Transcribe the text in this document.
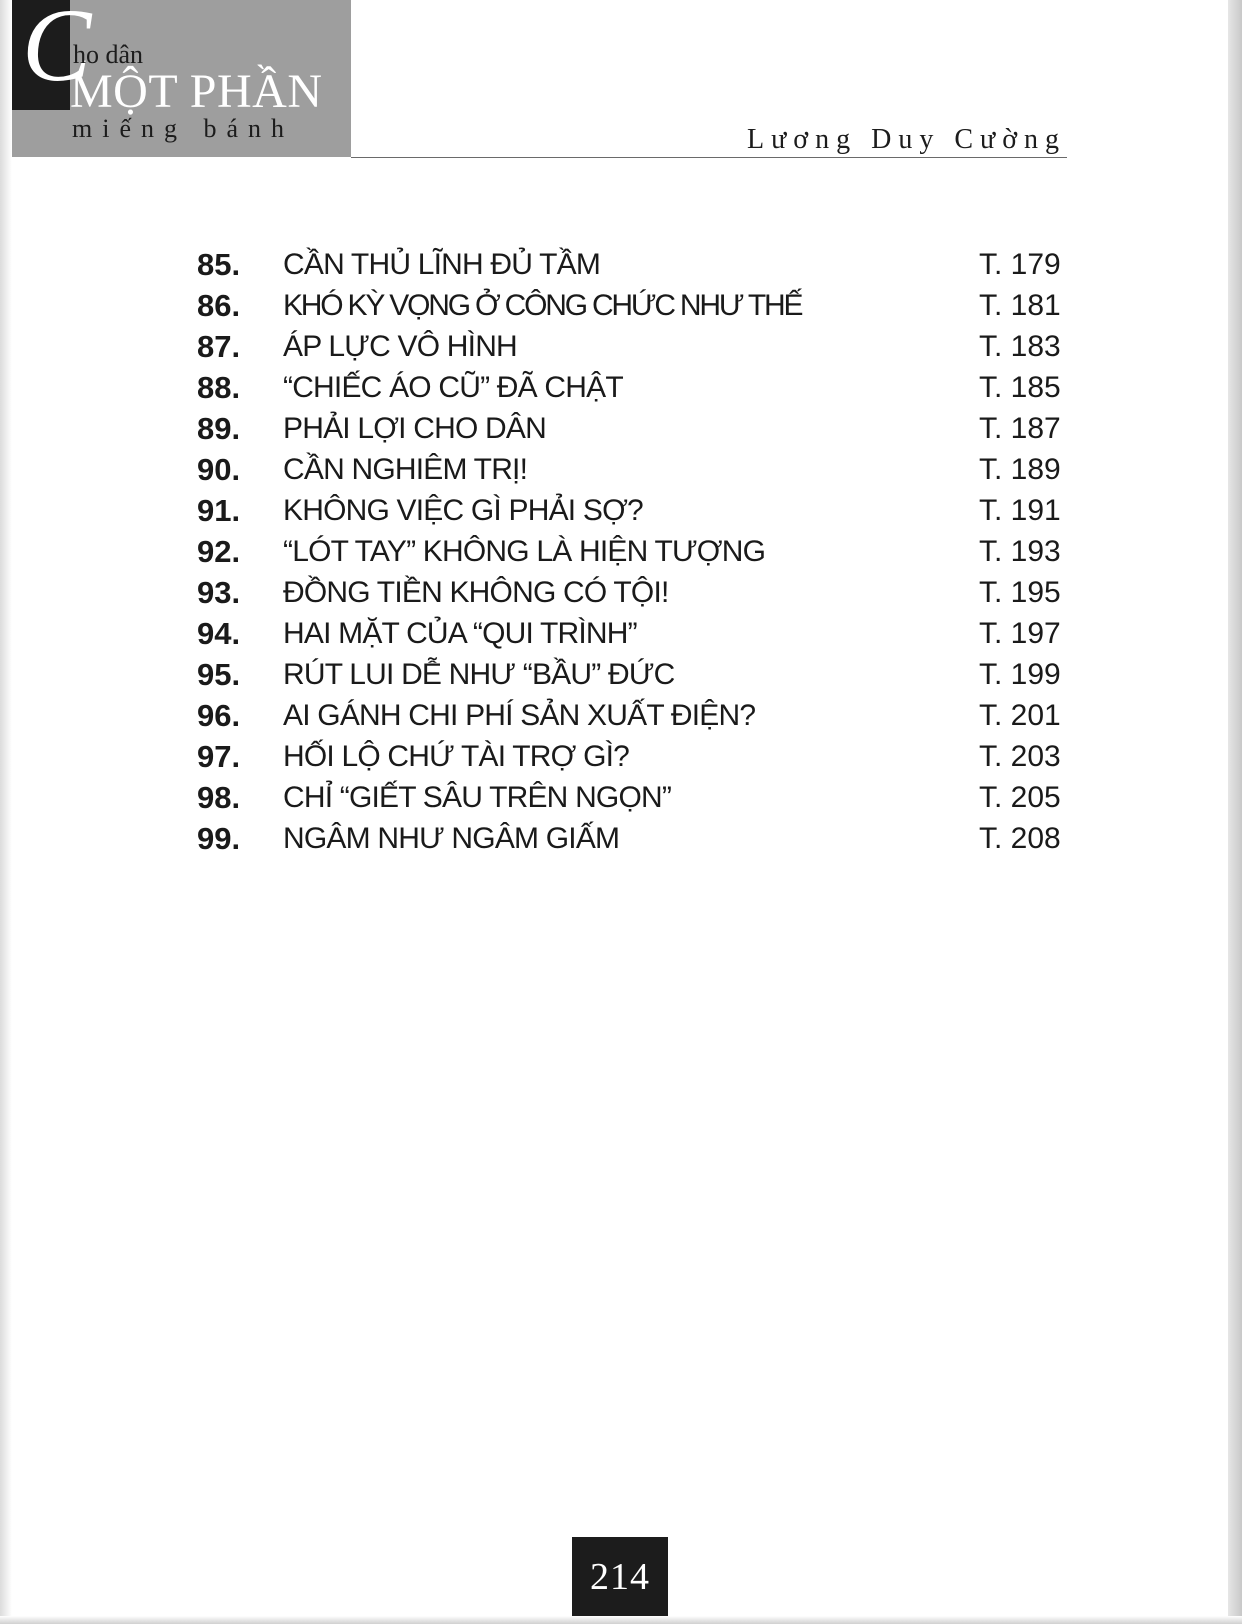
C
ho dân
MỘT PHẦN
miếng bánh	Lương Duy Cường
85.	CẦN THỦ LĨNH ĐỦ TẦM	T. 179
86.	KHÓ KỲ VỌNG Ở CÔNG CHỨC NHƯ THẾ	T. 181
87.	ÁP LỰC VÔ HÌNH	T. 183
88.	“CHIẾC ÁO CŨ” ĐÃ CHẬT	T. 185
89.	PHẢI LỢI CHO DÂN	T. 187
90.	CẦN NGHIÊM TRỊ!	T. 189
91.	KHÔNG VIỆC GÌ PHẢI SỢ?	T. 191
92.	“LÓT TAY” KHÔNG LÀ HIỆN TƯỢNG	T. 193
93.	ĐỒNG TIỀN KHÔNG CÓ TỘI!	T. 195
94.	HAI MẶT CỦA “QUI TRÌNH”	T. 197
95.	RÚT LUI DỄ NHƯ “BẦU” ĐỨC	T. 199
96.	AI GÁNH CHI PHÍ SẢN XUẤT ĐIỆN?	T. 201
97.	HỐI LỘ CHỨ TÀI TRỢ GÌ?	T. 203
98.	CHỈ “GIẾT SÂU TRÊN NGỌN”	T. 205
99.	NGÂM NHƯ NGÂM GIẤM	T. 208
214
